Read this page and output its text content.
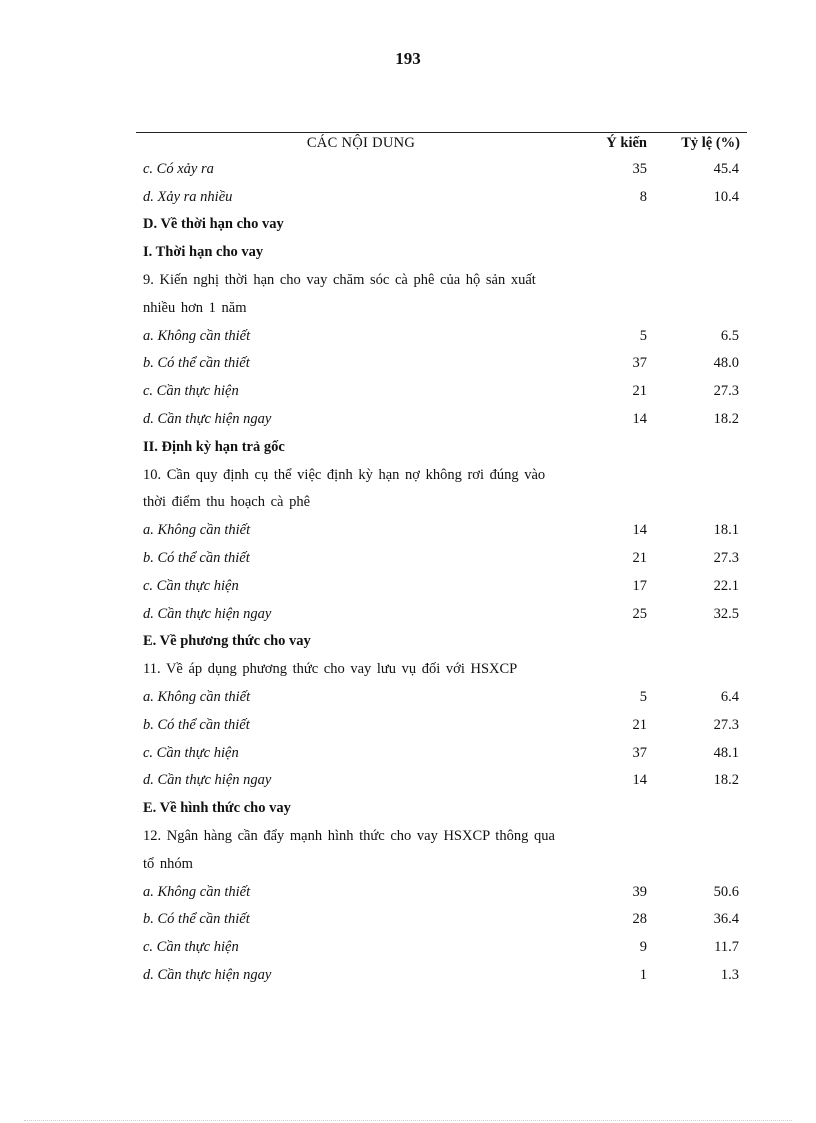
193
CÁC NỘI DUNG	Ý kiến	Tỷ lệ (%)
c. Có xảy ra	35	45.4
d. Xảy ra nhiều	8	10.4
D. Về thời hạn cho vay		
I. Thời hạn cho vay		
9. Kiến nghị thời hạn cho vay chăm sóc cà phê của hộ sản xuất		
nhiều hơn 1 năm		
a. Không cần thiết	5	6.5
b. Có thể cần thiết	37	48.0
c. Cần thực hiện	21	27.3
d. Cần thực hiện ngay	14	18.2
II. Định kỳ hạn trả gốc		
10. Cần quy định cụ thể việc định kỳ hạn nợ không rơi đúng vào		
thời điểm thu hoạch cà phê		
a. Không cần thiết	14	18.1
b. Có thể cần thiết	21	27.3
c. Cần thực hiện	17	22.1
d. Cần thực hiện ngay	25	32.5
E. Về phương thức cho vay		
11. Về áp dụng phương thức cho vay lưu vụ đối với HSXCP		
a. Không cần thiết	5	6.4
b. Có thể cần thiết	21	27.3
c. Cần thực hiện	37	48.1
d. Cần thực hiện ngay	14	18.2
E. Về hình thức cho vay		
12. Ngân hàng cần đẩy mạnh hình thức cho vay HSXCP thông qua		
tổ nhóm		
a. Không cần thiết	39	50.6
b. Có thể cần thiết	28	36.4
c. Cần thực hiện	9	11.7
d. Cần thực hiện ngay	1	1.3
